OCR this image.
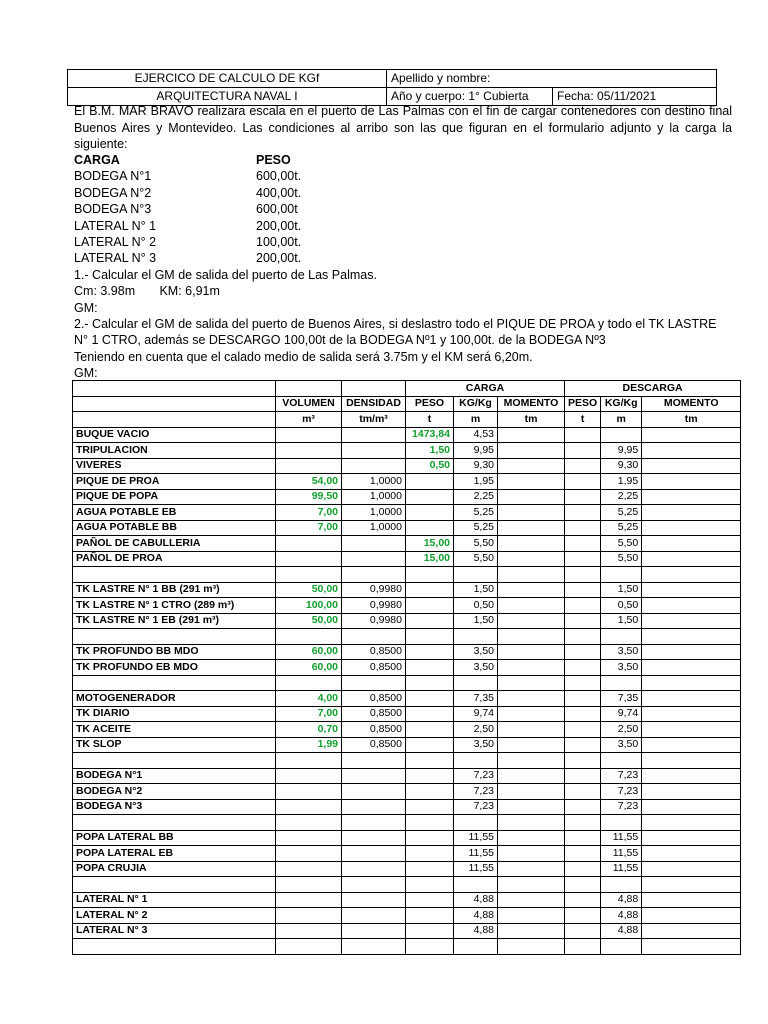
EJERCICO DE CALCULO DE KGf	Apellido y nombre:	
ARQUITECTURA NAVAL I	Año y cuerpo: 1° Cubierta	Fecha: 05/11/2021

El B.M. MAR BRAVO realizara escala en el puerto de Las Palmas con el fin de cargar contenedores con destino final Buenos Aires y Montevideo. Las condiciones al arribo son las que figuran en el formulario adjunto y la carga la siguiente:

CARGA	PESO
BODEGA N°1	600,00t.
BODEGA N°2	400,00t.
BODEGA N°3	600,00t
LATERAL N° 1	200,00t.
LATERAL N° 2	100,00t.
LATERAL N° 3	200,00t.

1.- Calcular el GM de salida del puerto de Las Palmas.

Cm: 3.98m KM: 6,91m

GM:

2.- Calcular el GM de salida del puerto de Buenos Aires, si deslastro todo el PIQUE DE PROA y todo el TK LASTRE

N° 1 CTRO, además se DESCARGO 100,00t de la BODEGA Nº1 y 100,00t. de la BODEGA Nº3

Teniendo en cuenta que el calado medio de salida será 3.75m y el KM será 6,20m.

GM:

			CARGA			DESCARGA		
	VOLUMEN	DENSIDAD	PESO	KG/Kg	MOMENTO	PESO	KG/Kg	MOMENTO
	m³	tm/m³	t	m	tm	t	m	tm
BUQUE VACIO			1473,84	4,53				
TRIPULACION			1,50	9,95			9,95	
VIVERES			0,50	9,30			9,30	
PIQUE DE PROA	54,00	1,0000		1,95			1,95	
PIQUE DE POPA	99,50	1,0000		2,25			2,25	
AGUA POTABLE EB	7,00	1,0000		5,25			5,25	
AGUA POTABLE BB	7,00	1,0000		5,25			5,25	
PAÑOL DE CABULLERIA			15,00	5,50			5,50	
PAÑOL DE PROA			15,00	5,50			5,50	

TK LASTRE N° 1 BB (291 m³)	50,00	0,9980		1,50			1,50	
TK LASTRE N° 1 CTRO (289 m³)	100,00	0,9980		0,50			0,50	
TK LASTRE N° 1 EB (291 m³)	50,00	0,9980		1,50			1,50	

TK PROFUNDO BB MDO	60,00	0,8500		3,50			3,50	
TK PROFUNDO EB MDO	60,00	0,8500		3,50			3,50	

MOTOGENERADOR	4,00	0,8500		7,35			7,35	
TK DIARIO	7,00	0,8500		9,74			9,74	
TK ACEITE	0,70	0,8500		2,50			2,50	
TK SLOP	1,99	0,8500		3,50			3,50	

BODEGA N°1				7,23			7,23	
BODEGA N°2				7,23			7,23	
BODEGA N°3				7,23			7,23	

POPA LATERAL BB				11,55			11,55	
POPA LATERAL EB				11,55			11,55	
POPA CRUJIA				11,55			11,55	

LATERAL N° 1				4,88			4,88	
LATERAL N° 2				4,88			4,88	
LATERAL N° 3				4,88			4,88	
